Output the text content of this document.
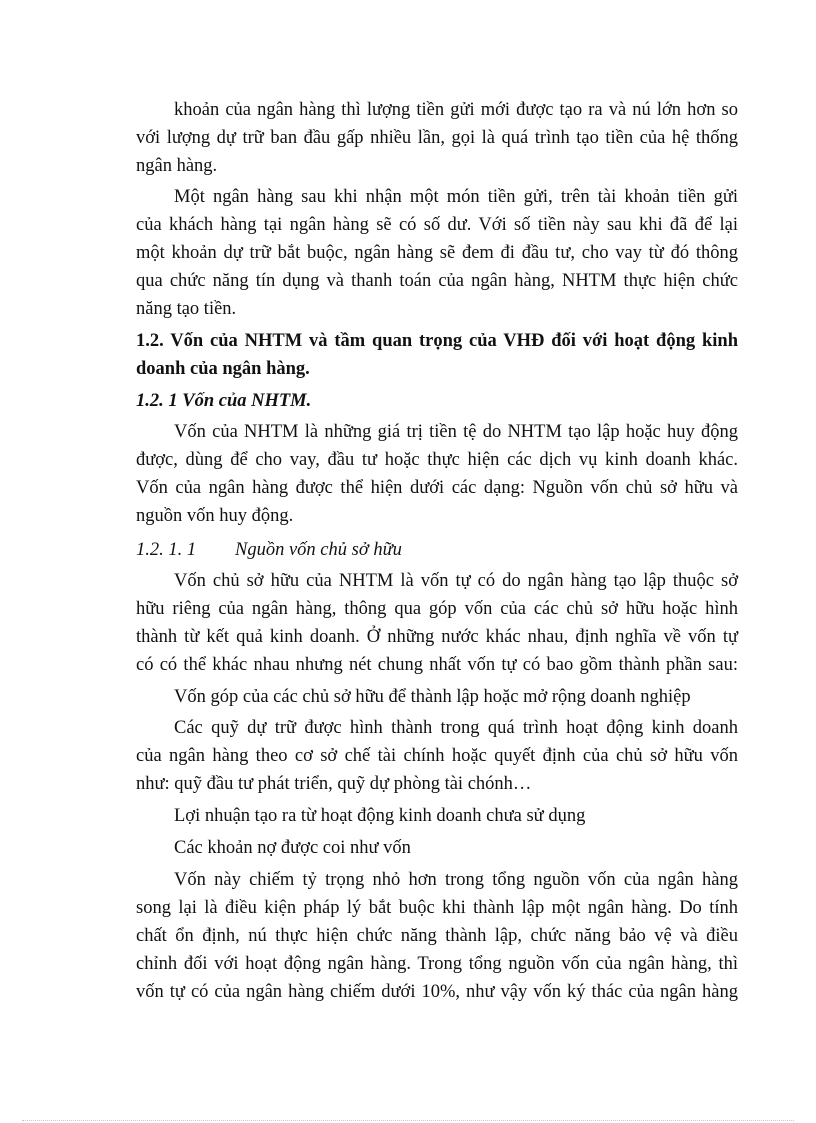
khoản của ngân hàng thì lượng tiền gửi mới được tạo ra và nú lớn hơn so
với lượng dự trữ ban đầu gấp nhiều lần, gọi là quá trình tạo tiền của hệ thống
ngân hàng.
Một ngân hàng sau khi nhận một món tiền gửi, trên tài khoản tiền gửi
của khách hàng tại ngân hàng sẽ có số dư. Với số tiền này sau khi đã để lại
một khoản dự trữ bắt buộc, ngân hàng sẽ đem đi đầu tư, cho vay từ đó thông
qua chức năng tín dụng và thanh toán của ngân hàng, NHTM thực hiện chức
năng tạo tiền.
1.2. Vốn của NHTM và tầm quan trọng của VHĐ đối với hoạt động kinh
doanh của ngân hàng.
1.2. 1 Vốn của NHTM.
Vốn của NHTM là những giá trị tiền tệ do NHTM tạo lập hoặc huy động
được, dùng để cho vay, đầu tư hoặc thực hiện các dịch vụ kinh doanh khác.
Vốn của ngân hàng được thể hiện dưới các dạng: Nguồn vốn chủ sở hữu và
nguồn vốn huy động.
1.2. 1. 1 Nguồn vốn chủ sở hữu
Vốn chủ sở hữu của NHTM là vốn tự có do ngân hàng tạo lập thuộc sở
hữu riêng của ngân hàng, thông qua góp vốn của các chủ sở hữu hoặc hình
thành từ kết quả kinh doanh. Ở những nước khác nhau, định nghĩa về vốn tự
có có thể khác nhau nhưng nét chung nhất vốn tự có bao gồm thành phần sau:
Vốn góp của các chủ sở hữu để thành lập hoặc mở rộng doanh nghiệp
Các quỹ dự trữ được hình thành trong quá trình hoạt động kinh doanh
của ngân hàng theo cơ sở chế tài chính hoặc quyết định của chủ sở hữu vốn
như: quỹ đầu tư phát triển, quỹ dự phòng tài chónh…
Lợi nhuận tạo ra từ hoạt động kinh doanh chưa sử dụng
Các khoản nợ được coi như vốn
Vốn này chiếm tỷ trọng nhỏ hơn trong tổng nguồn vốn của ngân hàng
song lại là điều kiện pháp lý bắt buộc khi thành lập một ngân hàng. Do tính
chất ổn định, nú thực hiện chức năng thành lập, chức năng bảo vệ và điều
chỉnh đối với hoạt động ngân hàng. Trong tổng nguồn vốn của ngân hàng, thì
vốn tự có của ngân hàng chiếm dưới 10%, như vậy vốn ký thác của ngân hàng
